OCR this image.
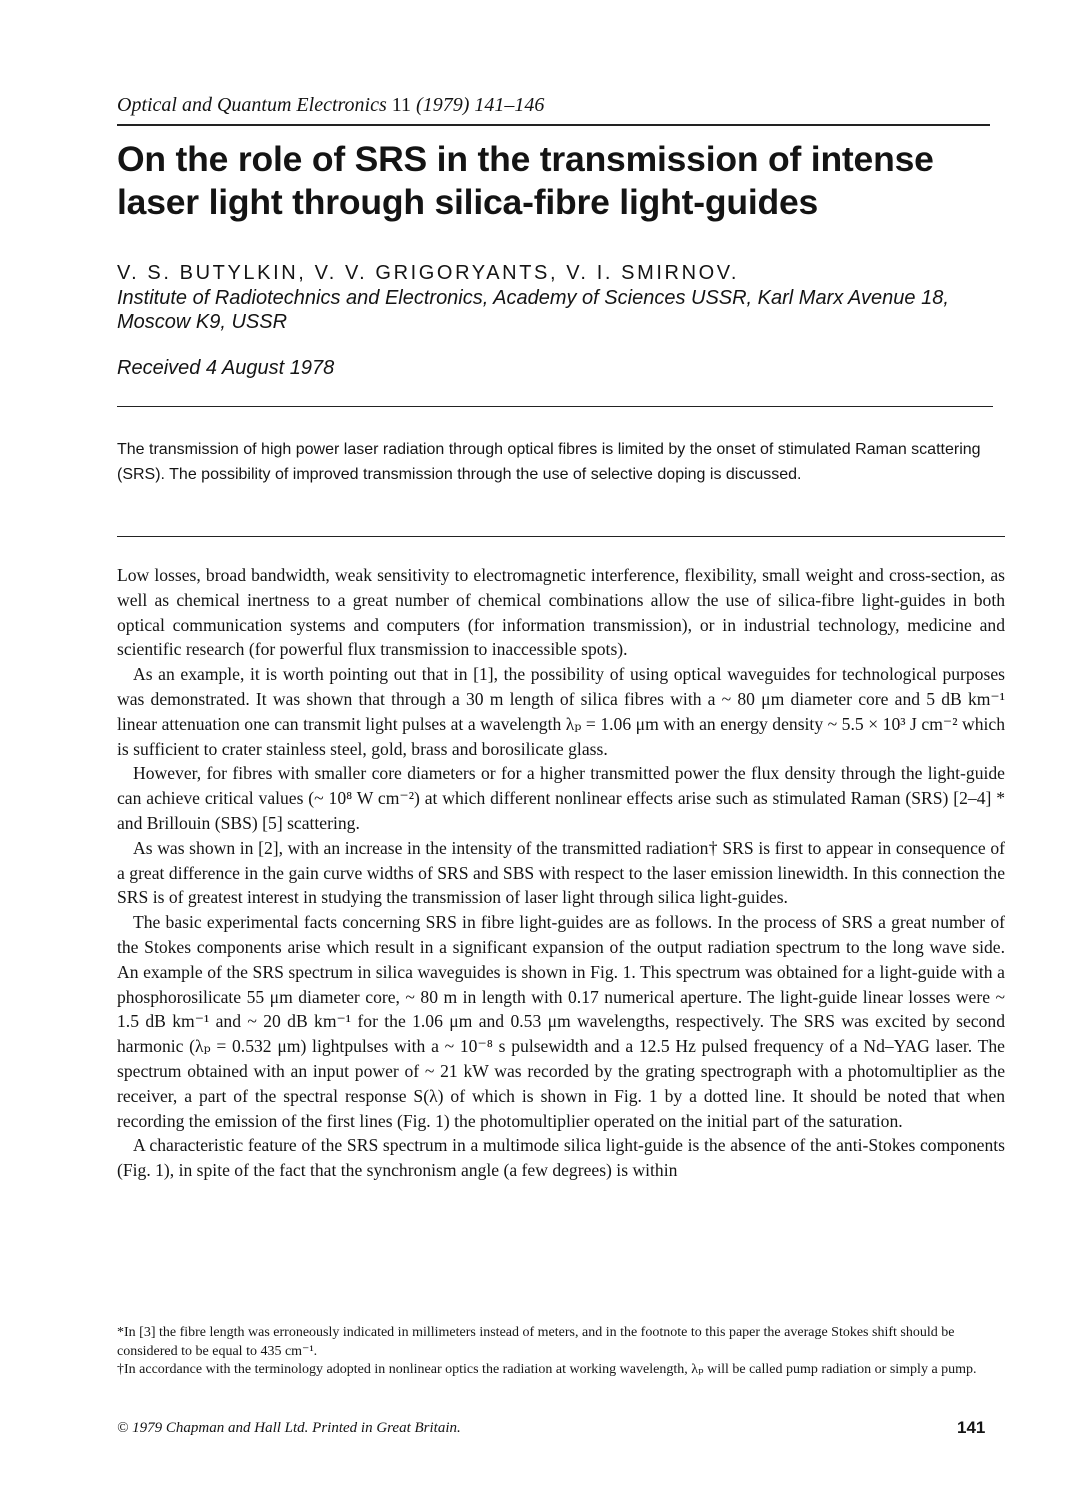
Optical and Quantum Electronics 11 (1979) 141–146
On the role of SRS in the transmission of intense laser light through silica-fibre light-guides
V. S. BUTYLKIN, V. V. GRIGORYANTS, V. I. SMIRNOV.
Institute of Radiotechnics and Electronics, Academy of Sciences USSR, Karl Marx Avenue 18, Moscow K9, USSR
Received 4 August 1978
The transmission of high power laser radiation through optical fibres is limited by the onset of stimulated Raman scattering (SRS). The possibility of improved transmission through the use of selective doping is discussed.

Low losses, broad bandwidth, weak sensitivity to electromagnetic interference, flexibility, small weight and cross-section, as well as chemical inertness to a great number of chemical combinations allow the use of silica-fibre light-guides in both optical communication systems and computers (for information transmission), or in industrial technology, medicine and scientific research (for powerful flux transmission to inaccessible spots).

As an example, it is worth pointing out that in [1], the possibility of using optical waveguides for technological purposes was demonstrated. It was shown that through a 30 m length of silica fibres with a ~ 80 μm diameter core and 5 dB km⁻¹ linear attenuation one can transmit light pulses at a wavelength λₚ = 1.06 μm with an energy density ~ 5.5 × 10³ J cm⁻² which is sufficient to crater stainless steel, gold, brass and borosilicate glass.

However, for fibres with smaller core diameters or for a higher transmitted power the flux density through the light-guide can achieve critical values (~ 10⁸ W cm⁻²) at which different nonlinear effects arise such as stimulated Raman (SRS) [2–4] * and Brillouin (SBS) [5] scattering.

As was shown in [2], with an increase in the intensity of the transmitted radiation† SRS is first to appear in consequence of a great difference in the gain curve widths of SRS and SBS with respect to the laser emission linewidth. In this connection the SRS is of greatest interest in studying the transmission of laser light through silica light-guides.

The basic experimental facts concerning SRS in fibre light-guides are as follows. In the process of SRS a great number of the Stokes components arise which result in a significant expansion of the output radiation spectrum to the long wave side. An example of the SRS spectrum in silica waveguides is shown in Fig. 1. This spectrum was obtained for a light-guide with a phosphorosilicate 55 μm diameter core, ~ 80 m in length with 0.17 numerical aperture. The light-guide linear losses were ~ 1.5 dB km⁻¹ and ~ 20 dB km⁻¹ for the 1.06 μm and 0.53 μm wavelengths, respectively. The SRS was excited by second harmonic (λₚ = 0.532 μm) lightpulses with a ~ 10⁻⁸ s pulsewidth and a 12.5 Hz pulsed frequency of a Nd–YAG laser. The spectrum obtained with an input power of ~ 21 kW was recorded by the grating spectrograph with a photomultiplier as the receiver, a part of the spectral response S(λ) of which is shown in Fig. 1 by a dotted line. It should be noted that when recording the emission of the first lines (Fig. 1) the photomultiplier operated on the initial part of the saturation.

A characteristic feature of the SRS spectrum in a multimode silica light-guide is the absence of the anti-Stokes components (Fig. 1), in spite of the fact that the synchronism angle (a few degrees) is within

*In [3] the fibre length was erroneously indicated in millimeters instead of meters, and in the footnote to this paper the average Stokes shift should be considered to be equal to 435 cm⁻¹.

†In accordance with the terminology adopted in nonlinear optics the radiation at working wavelength, λₚ will be called pump radiation or simply a pump.

© 1979 Chapman and Hall Ltd. Printed in Great Britain.	141
